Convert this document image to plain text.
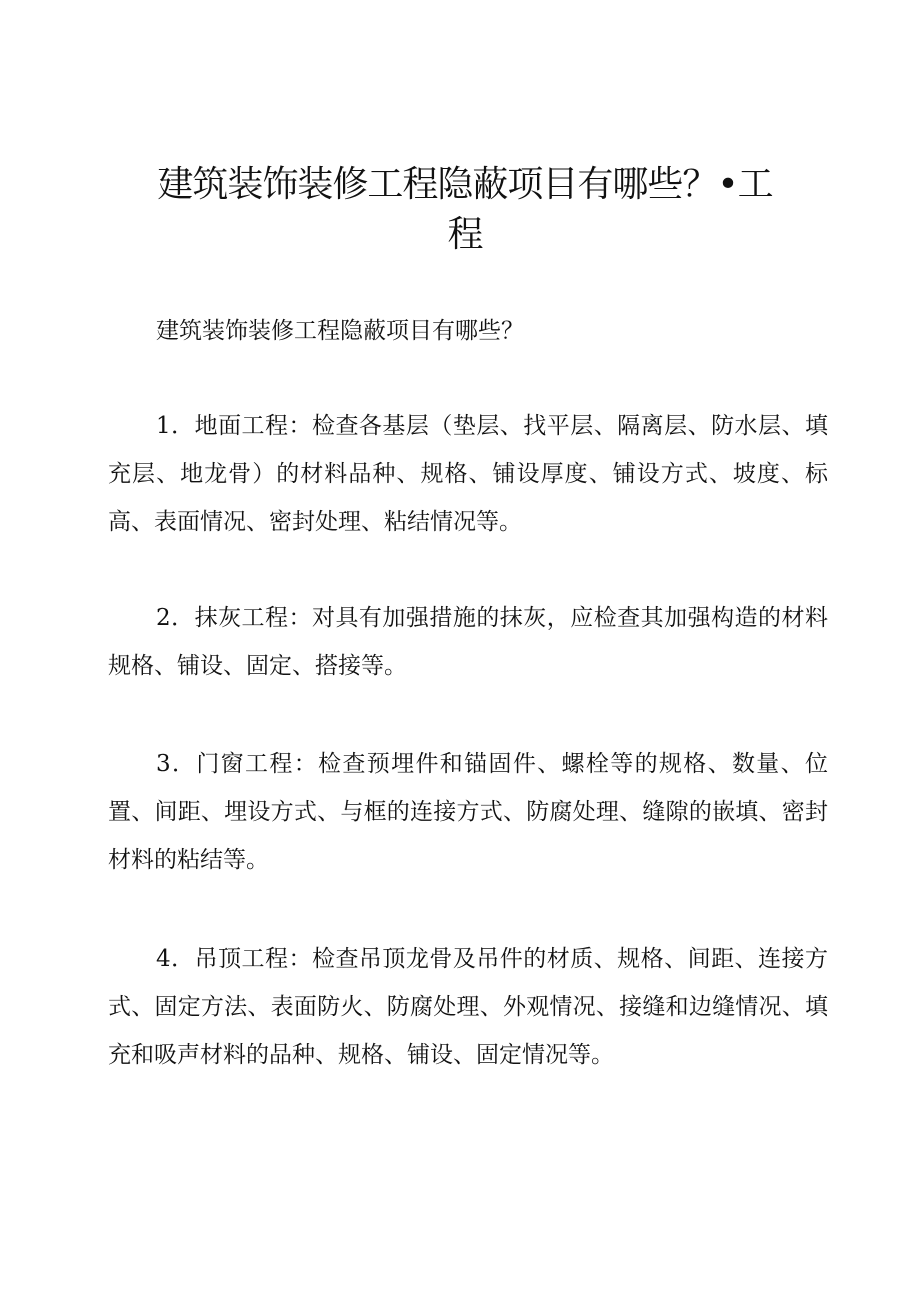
建筑装饰装修工程隐蔽项目有哪些？•工程

建筑装饰装修工程隐蔽项目有哪些？

1．地面工程：检查各基层（垫层、找平层、隔离层、防水层、填充层、地龙骨）的材料品种、规格、铺设厚度、铺设方式、坡度、标高、表面情况、密封处理、粘结情况等。

2．抹灰工程：对具有加强措施的抹灰，应检查其加强构造的材料规格、铺设、固定、搭接等。

3．门窗工程：检查预埋件和锚固件、螺栓等的规格、数量、位置、间距、埋设方式、与框的连接方式、防腐处理、缝隙的嵌填、密封材料的粘结等。

4．吊顶工程：检查吊顶龙骨及吊件的材质、规格、间距、连接方式、固定方法、表面防火、防腐处理、外观情况、接缝和边缝情况、填充和吸声材料的品种、规格、铺设、固定情况等。
